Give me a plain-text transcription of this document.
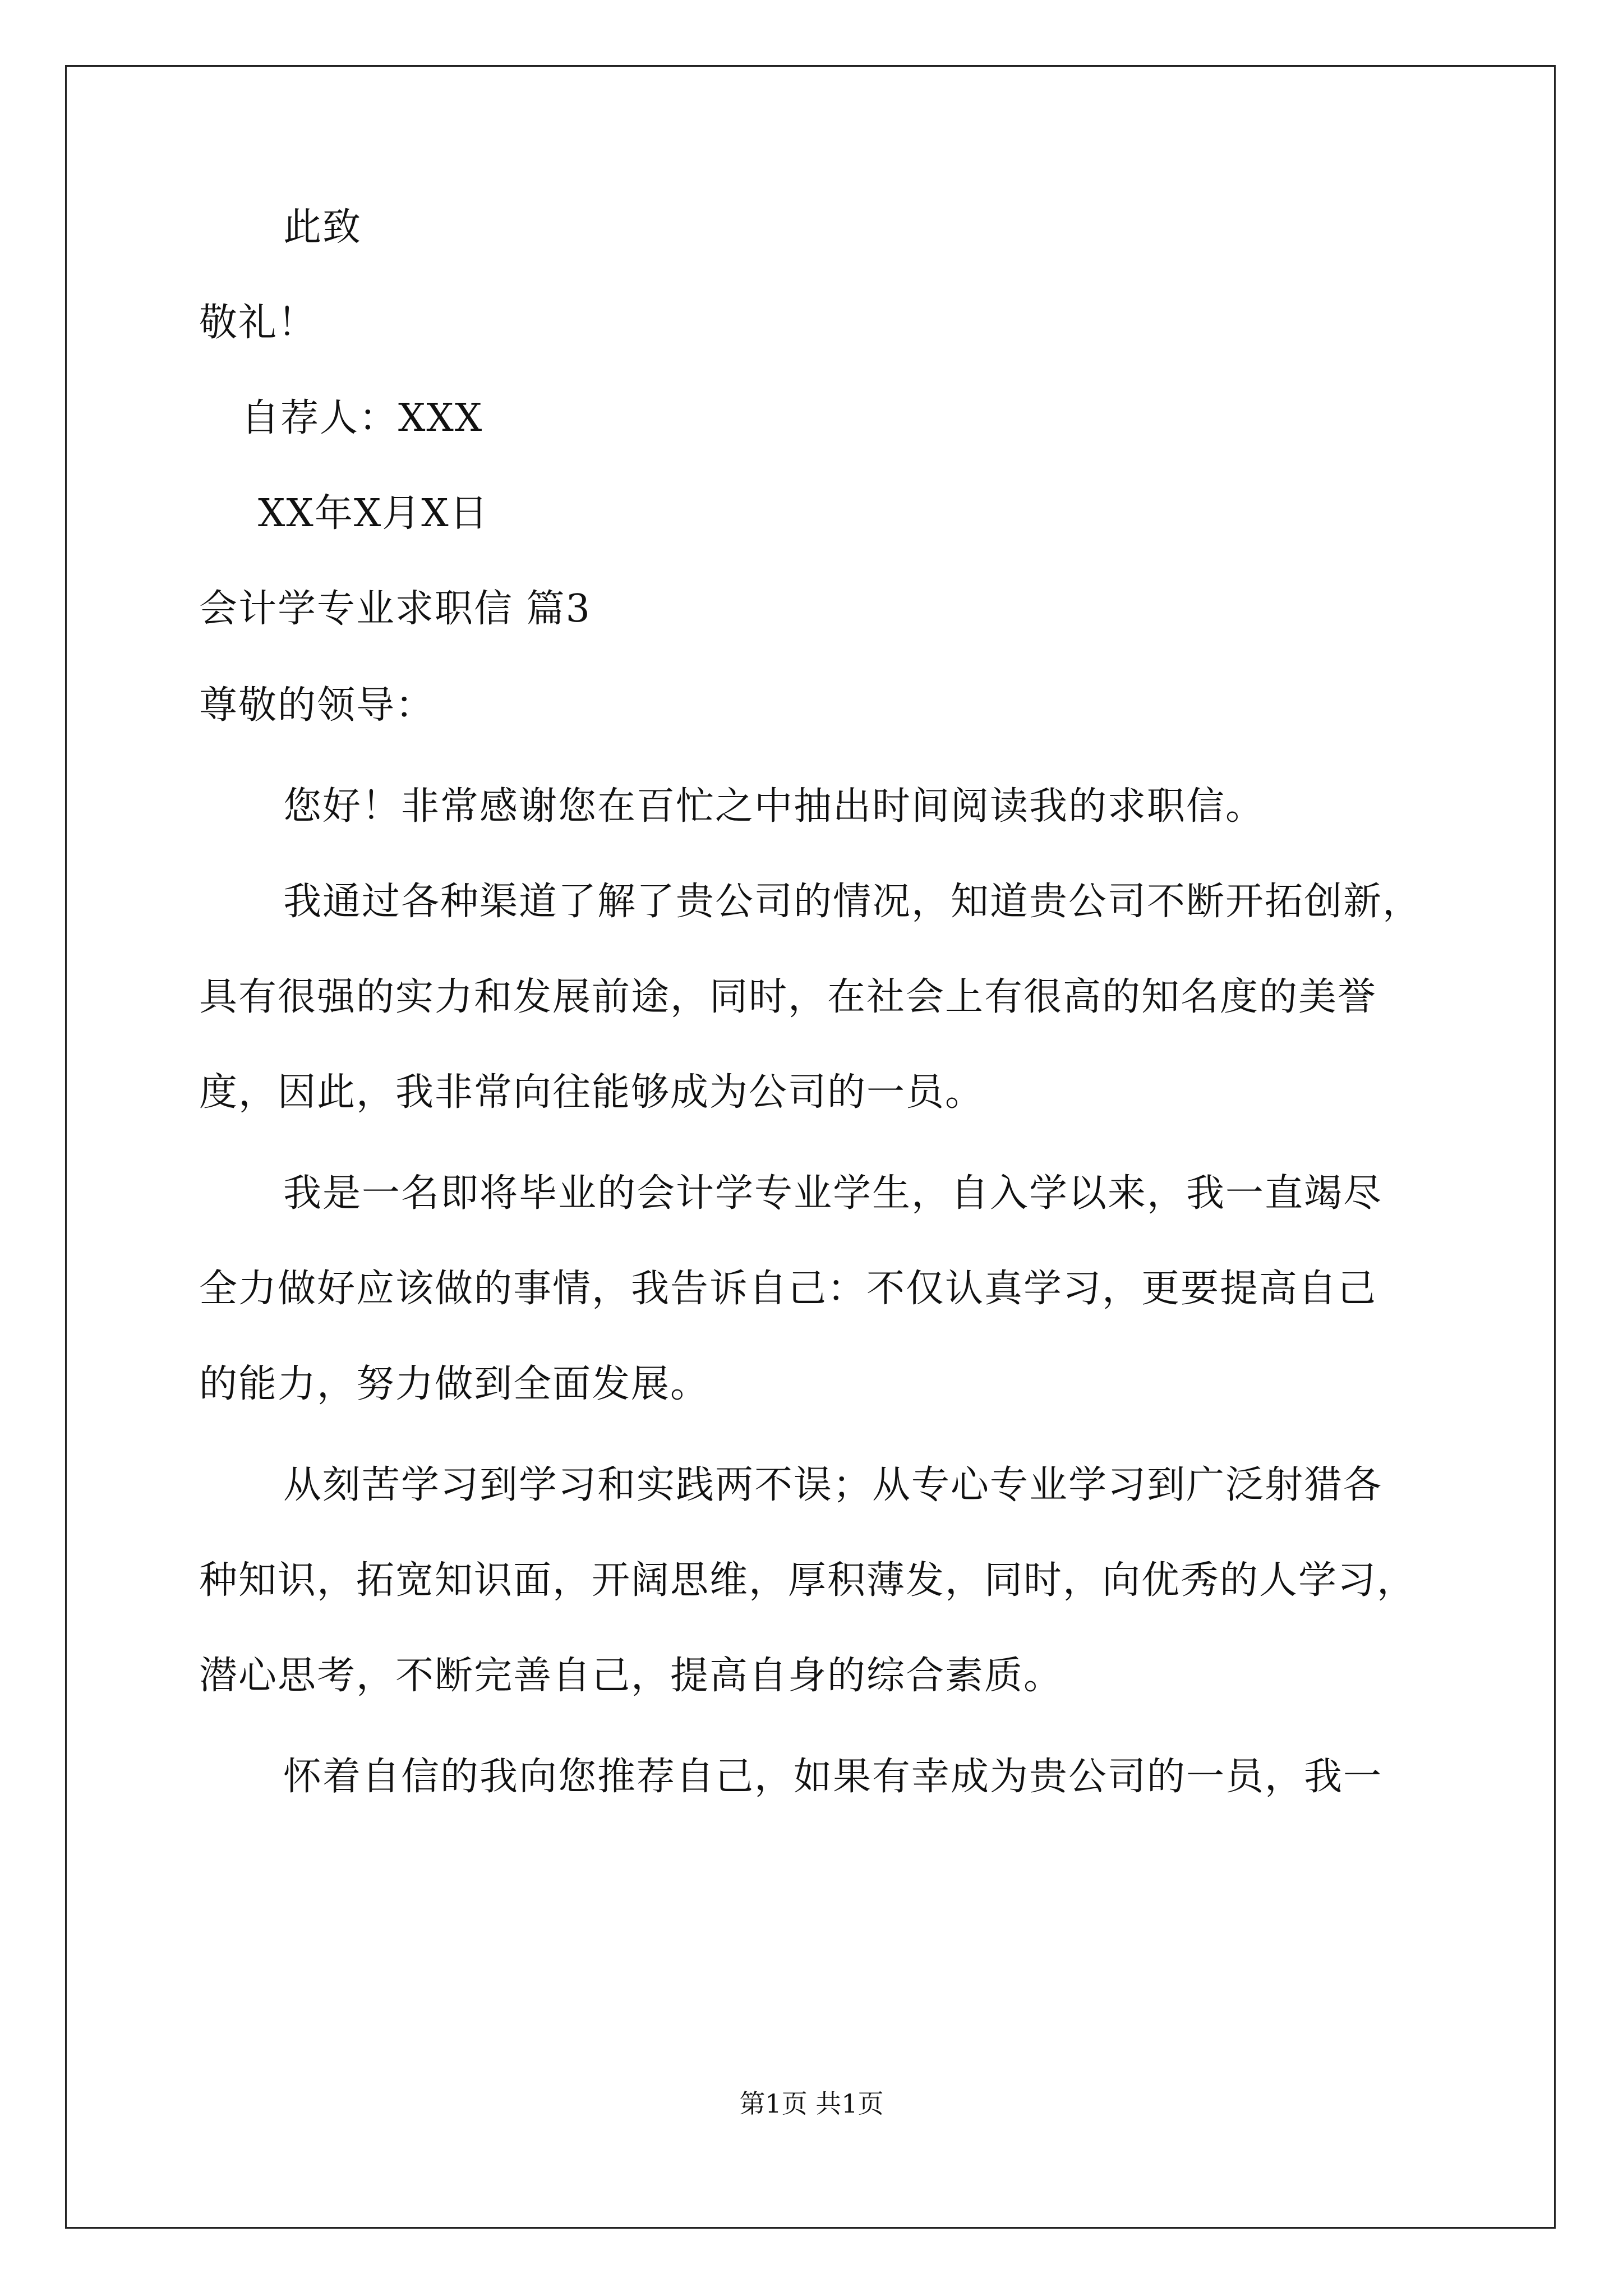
此致

敬礼！

自荐人：XXX

XX年X月X日

会计学专业求职信 篇3

尊敬的领导：

您好！非常感谢您在百忙之中抽出时间阅读我的求职信。

我通过各种渠道了解了贵公司的情况，知道贵公司不断开拓创新，

具有很强的实力和发展前途，同时，在社会上有很高的知名度的美誉

度，因此，我非常向往能够成为公司的一员。

我是一名即将毕业的会计学专业学生，自入学以来，我一直竭尽

全力做好应该做的事情，我告诉自己：不仅认真学习，更要提高自己

的能力，努力做到全面发展。

从刻苦学习到学习和实践两不误；从专心专业学习到广泛射猎各

种知识，拓宽知识面，开阔思维，厚积薄发，同时，向优秀的人学习，

潜心思考，不断完善自己，提高自身的综合素质。

怀着自信的我向您推荐自己，如果有幸成为贵公司的一员，我一

第1页 共1页
